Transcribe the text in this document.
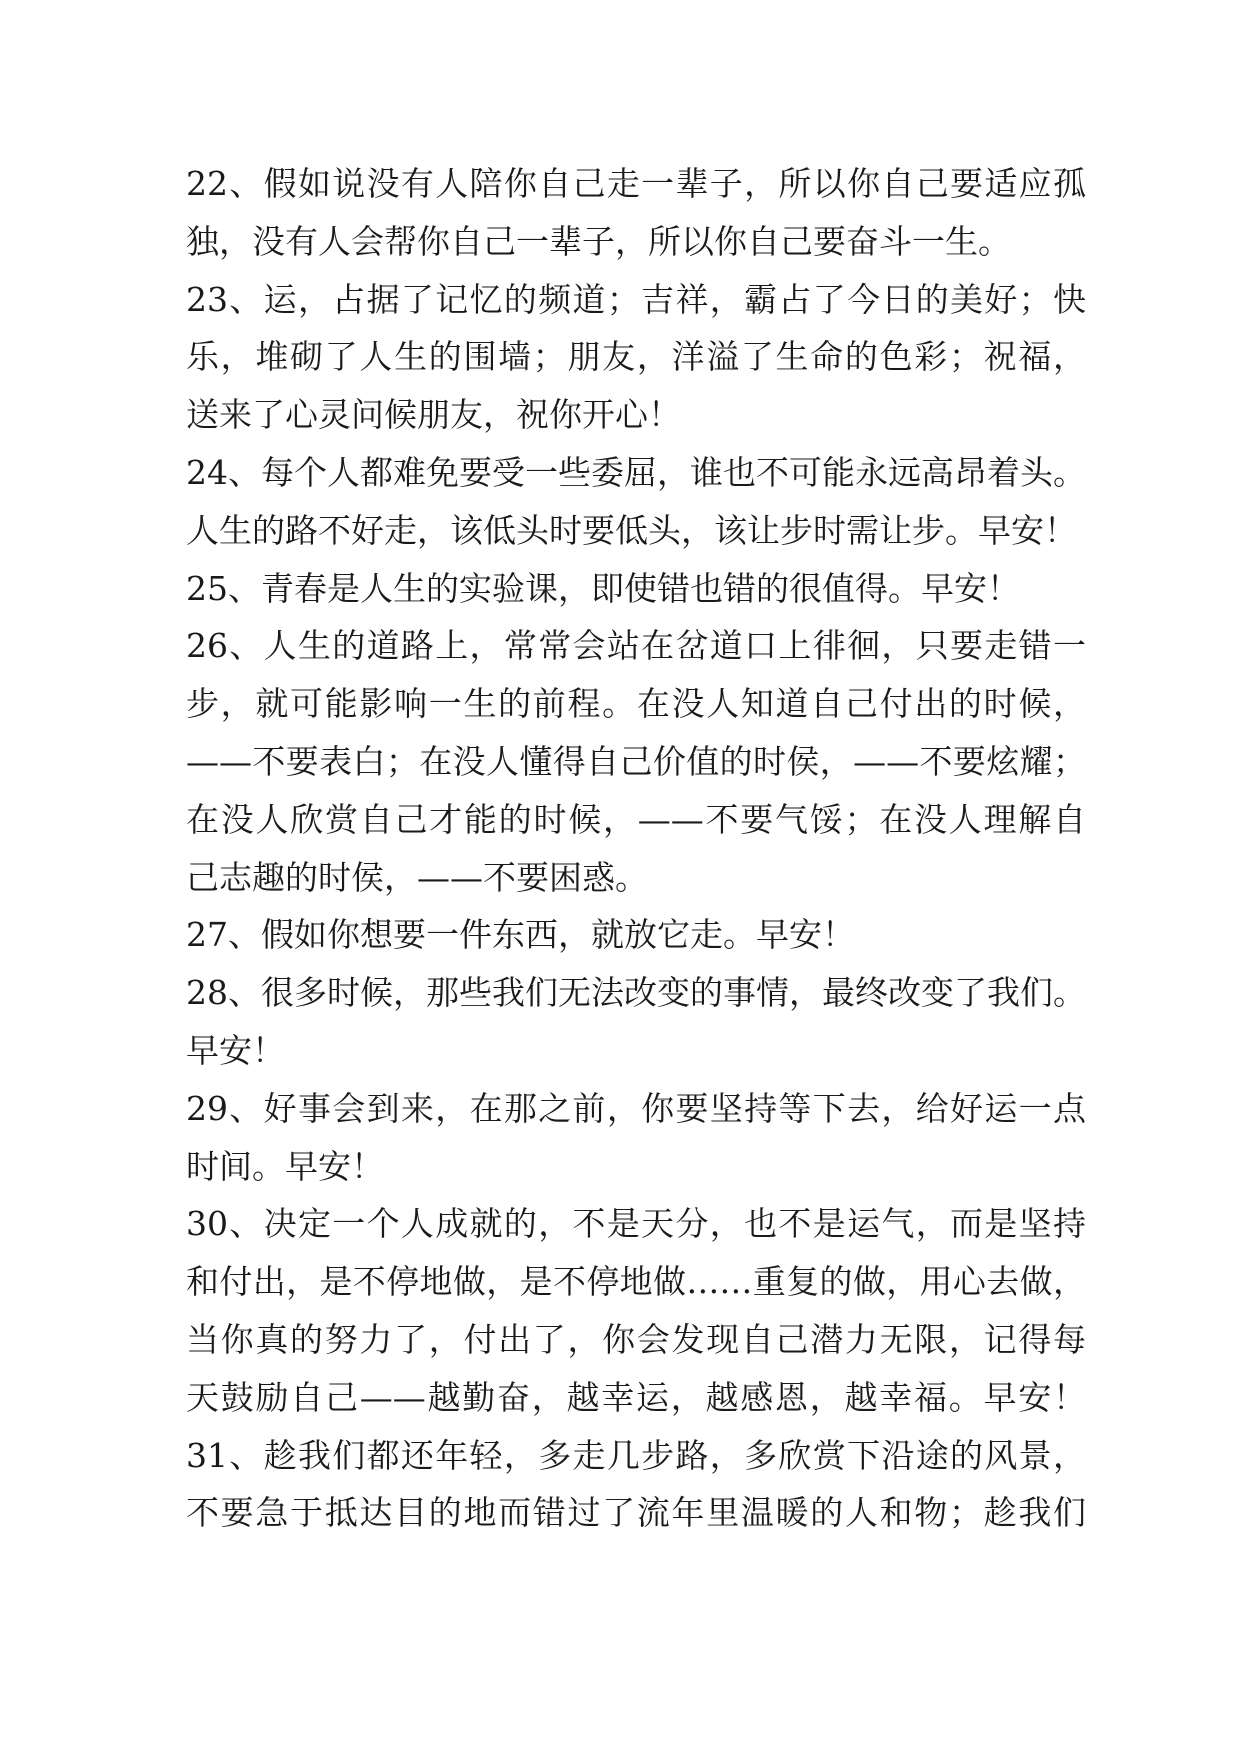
22、假如说没有人陪你自己走一辈子，所以你自己要适应孤
独，没有人会帮你自己一辈子，所以你自己要奋斗一生。
23、运，占据了记忆的频道；吉祥，霸占了今日的美好；快
乐，堆砌了人生的围墙；朋友，洋溢了生命的色彩；祝福，
送来了心灵问候朋友，祝你开心！
24、每个人都难免要受一些委屈，谁也不可能永远高昂着头。
人生的路不好走，该低头时要低头，该让步时需让步。早安！
25、青春是人生的实验课，即使错也错的很值得。早安！
26、人生的道路上，常常会站在岔道口上徘徊，只要走错一
步，就可能影响一生的前程。在没人知道自己付出的时候，
——不要表白；在没人懂得自己价值的时侯，——不要炫耀；
在没人欣赏自己才能的时候，——不要气馁；在没人理解自
己志趣的时侯，——不要困惑。
27、假如你想要一件东西，就放它走。早安！
28、很多时候，那些我们无法改变的事情，最终改变了我们。
早安！
29、好事会到来，在那之前，你要坚持等下去，给好运一点
时间。早安！
30、决定一个人成就的，不是天分，也不是运气，而是坚持
和付出，是不停地做，是不停地做……重复的做，用心去做，
当你真的努力了，付出了，你会发现自己潜力无限，记得每
天鼓励自己——越勤奋，越幸运，越感恩，越幸福。早安！
31、趁我们都还年轻，多走几步路，多欣赏下沿途的风景，
不要急于抵达目的地而错过了流年里温暖的人和物；趁我们
